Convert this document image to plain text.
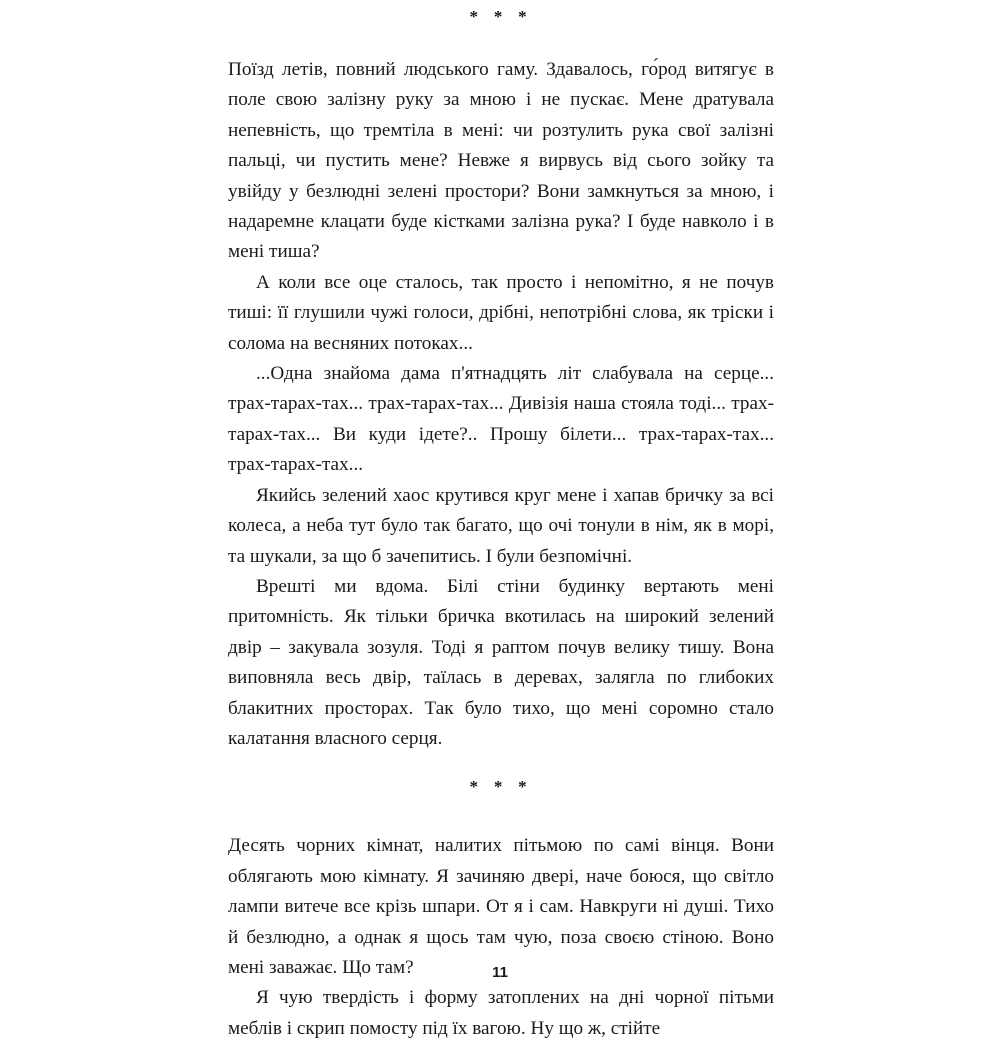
* * *

Поїзд летів, повний людського гаму. Здавалось, го́род витягує в поле свою залізну руку за мною і не пускає. Мене дратувала непевність, що тремтіла в мені: чи розтулить рука свої залізні пальці, чи пустить мене? Невже я вирвусь від сього зойку та увійду у безлюдні зелені простори? Вони замкнуться за мною, і надаремне клацати буде кістками залізна рука? І буде навколо і в мені тиша?

А коли все оце сталось, так просто і непомітно, я не почув тиші: її глушили чужі голоси, дрібні, непотрібні слова, як тріски і солома на весняних потоках...

...Одна знайома дама п'ятнадцять літ слабувала на серце... трах-тарах-тах... трах-тарах-тах... Дивізія наша стояла тоді... трах-тарах-тах... Ви куди ідете?.. Прошу білети... трах-тарах-тах... трах-тарах-тах...

Якийсь зелений хаос крутився круг мене і хапав бричку за всі колеса, а неба тут було так багато, що очі тонули в нім, як в морі, та шукали, за що б зачепитись. І були безпомічні.

Врешті ми вдома. Білі стіни будинку вертають мені притомність. Як тільки бричка вкотилась на широкий зелений двір – закувала зозуля. Тоді я раптом почув велику тишу. Вона виповняла весь двір, таїлась в деревах, залягла по глибоких блакитних просторах. Так було тихо, що мені соромно стало калатання власного серця.

* * *

Десять чорних кімнат, налитих пітьмою по самі вінця. Вони облягають мою кімнату. Я зачиняю двері, наче боюся, що світло лампи витече все крізь шпари. От я і сам. Навкруги ні душі. Тихо й безлюдно, а однак я щось там чую, поза своєю стіною. Воно мені заважає. Що там?

Я чую твердість і форму затоплених на дні чорної пітьми меблів і скрип помосту під їх вагою. Ну що ж, стійте

11
